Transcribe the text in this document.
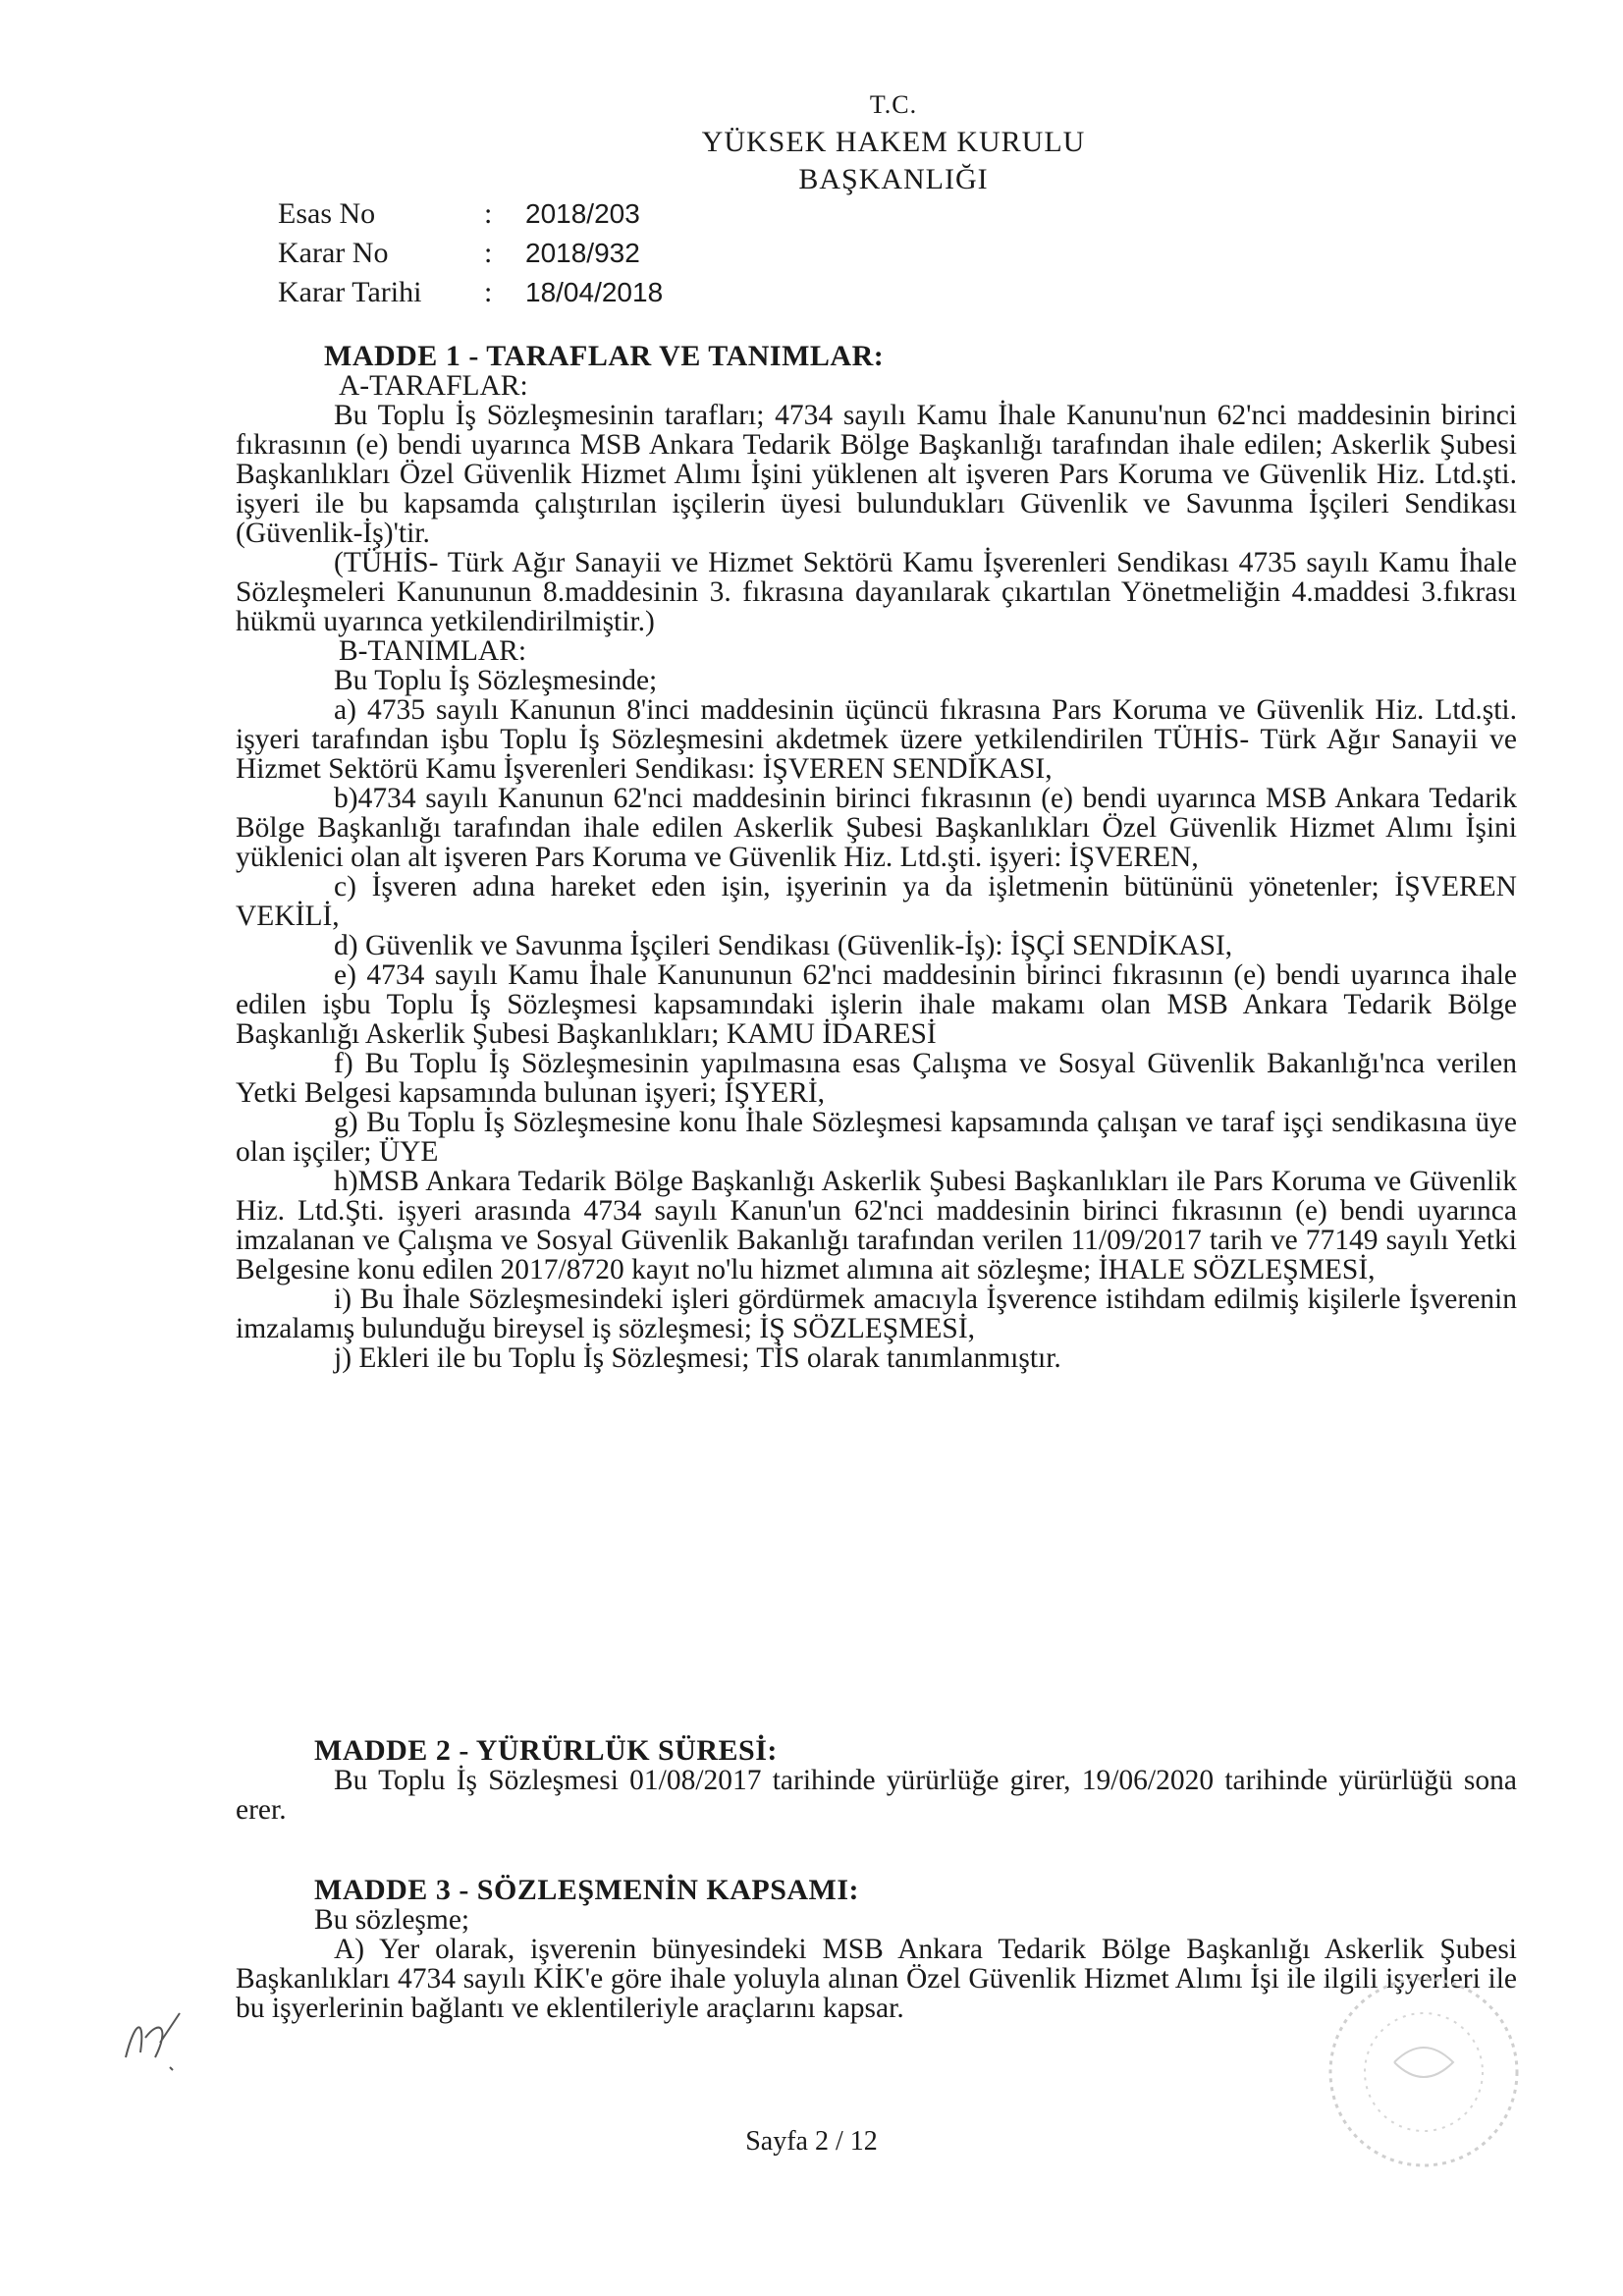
T.C.
YÜKSEK HAKEM KURULU
BAŞKANLIĞI
Esas No	:	2018/203
Karar No	:	2018/932
Karar Tarihi	:	18/04/2018
MADDE 1 - TARAFLAR VE TANIMLAR:
A-TARAFLAR:
Bu Toplu İş Sözleşmesinin tarafları; 4734 sayılı Kamu İhale Kanunu'nun 62'nci maddesinin birinci fıkrasının (e) bendi uyarınca MSB Ankara Tedarik Bölge Başkanlığı tarafından ihale edilen; Askerlik Şubesi Başkanlıkları Özel Güvenlik Hizmet Alımı İşini yüklenen alt işveren Pars Koruma ve Güvenlik Hiz. Ltd.şti. işyeri ile bu kapsamda çalıştırılan işçilerin üyesi bulundukları Güvenlik ve Savunma İşçileri Sendikası (Güvenlik-İş)'tir.
(TÜHİS- Türk Ağır Sanayii ve Hizmet Sektörü Kamu İşverenleri Sendikası 4735 sayılı Kamu İhale Sözleşmeleri Kanununun 8.maddesinin 3. fıkrasına dayanılarak çıkartılan Yönetmeliğin 4.maddesi 3.fıkrası hükmü uyarınca yetkilendirilmiştir.)
B-TANIMLAR:
Bu Toplu İş Sözleşmesinde;
a) 4735 sayılı Kanunun 8'inci maddesinin üçüncü fıkrasına Pars Koruma ve Güvenlik Hiz. Ltd.şti. işyeri tarafından işbu Toplu İş Sözleşmesini akdetmek üzere yetkilendirilen TÜHİS- Türk Ağır Sanayii ve Hizmet Sektörü Kamu İşverenleri Sendikası: İŞVEREN SENDİKASI,
b)4734 sayılı Kanunun 62'nci maddesinin birinci fıkrasının (e) bendi uyarınca MSB Ankara Tedarik Bölge Başkanlığı tarafından ihale edilen Askerlik Şubesi Başkanlıkları Özel Güvenlik Hizmet Alımı İşini yüklenici olan alt işveren Pars Koruma ve Güvenlik Hiz. Ltd.şti. işyeri: İŞVEREN,
c) İşveren adına hareket eden işin, işyerinin ya da işletmenin bütününü yönetenler; İŞVEREN VEKİLİ,
d) Güvenlik ve Savunma İşçileri Sendikası (Güvenlik-İş): İŞÇİ SENDİKASI,
e) 4734 sayılı Kamu İhale Kanununun 62'nci maddesinin birinci fıkrasının (e) bendi uyarınca ihale edilen işbu Toplu İş Sözleşmesi kapsamındaki işlerin ihale makamı olan MSB Ankara Tedarik Bölge Başkanlığı Askerlik Şubesi Başkanlıkları; KAMU İDARESİ
f) Bu Toplu İş Sözleşmesinin yapılmasına esas Çalışma ve Sosyal Güvenlik Bakanlığı'nca verilen Yetki Belgesi kapsamında bulunan işyeri; İŞYERİ,
g) Bu Toplu İş Sözleşmesine konu İhale Sözleşmesi kapsamında çalışan ve taraf işçi sendikasına üye olan işçiler; ÜYE
h)MSB Ankara Tedarik Bölge Başkanlığı Askerlik Şubesi Başkanlıkları ile Pars Koruma ve Güvenlik Hiz. Ltd.Şti. işyeri arasında 4734 sayılı Kanun'un 62'nci maddesinin birinci fıkrasının (e) bendi uyarınca imzalanan ve Çalışma ve Sosyal Güvenlik Bakanlığı tarafından verilen 11/09/2017 tarih ve 77149 sayılı Yetki Belgesine konu edilen 2017/8720 kayıt no'lu hizmet alımına ait sözleşme; İHALE SÖZLEŞMESİ,
i) Bu İhale Sözleşmesindeki işleri gördürmek amacıyla İşverence istihdam edilmiş kişilerle İşverenin imzalamış bulunduğu bireysel iş sözleşmesi; İŞ SÖZLEŞMESİ,
j) Ekleri ile bu Toplu İş Sözleşmesi; TİS olarak tanımlanmıştır.
MADDE 2 - YÜRÜRLÜK SÜRESİ:
Bu Toplu İş Sözleşmesi 01/08/2017 tarihinde yürürlüğe girer, 19/06/2020 tarihinde yürürlüğü sona erer.
MADDE 3 - SÖZLEŞMENİN KAPSAMI:
Bu sözleşme;
A) Yer olarak, işverenin bünyesindeki MSB Ankara Tedarik Bölge Başkanlığı Askerlik Şubesi Başkanlıkları 4734 sayılı KİK'e göre ihale yoluyla alınan Özel Güvenlik Hizmet Alımı İşi ile ilgili işyerleri ile bu işyerlerinin bağlantı ve eklentileriyle araçlarını kapsar.
Sayfa 2 / 12
